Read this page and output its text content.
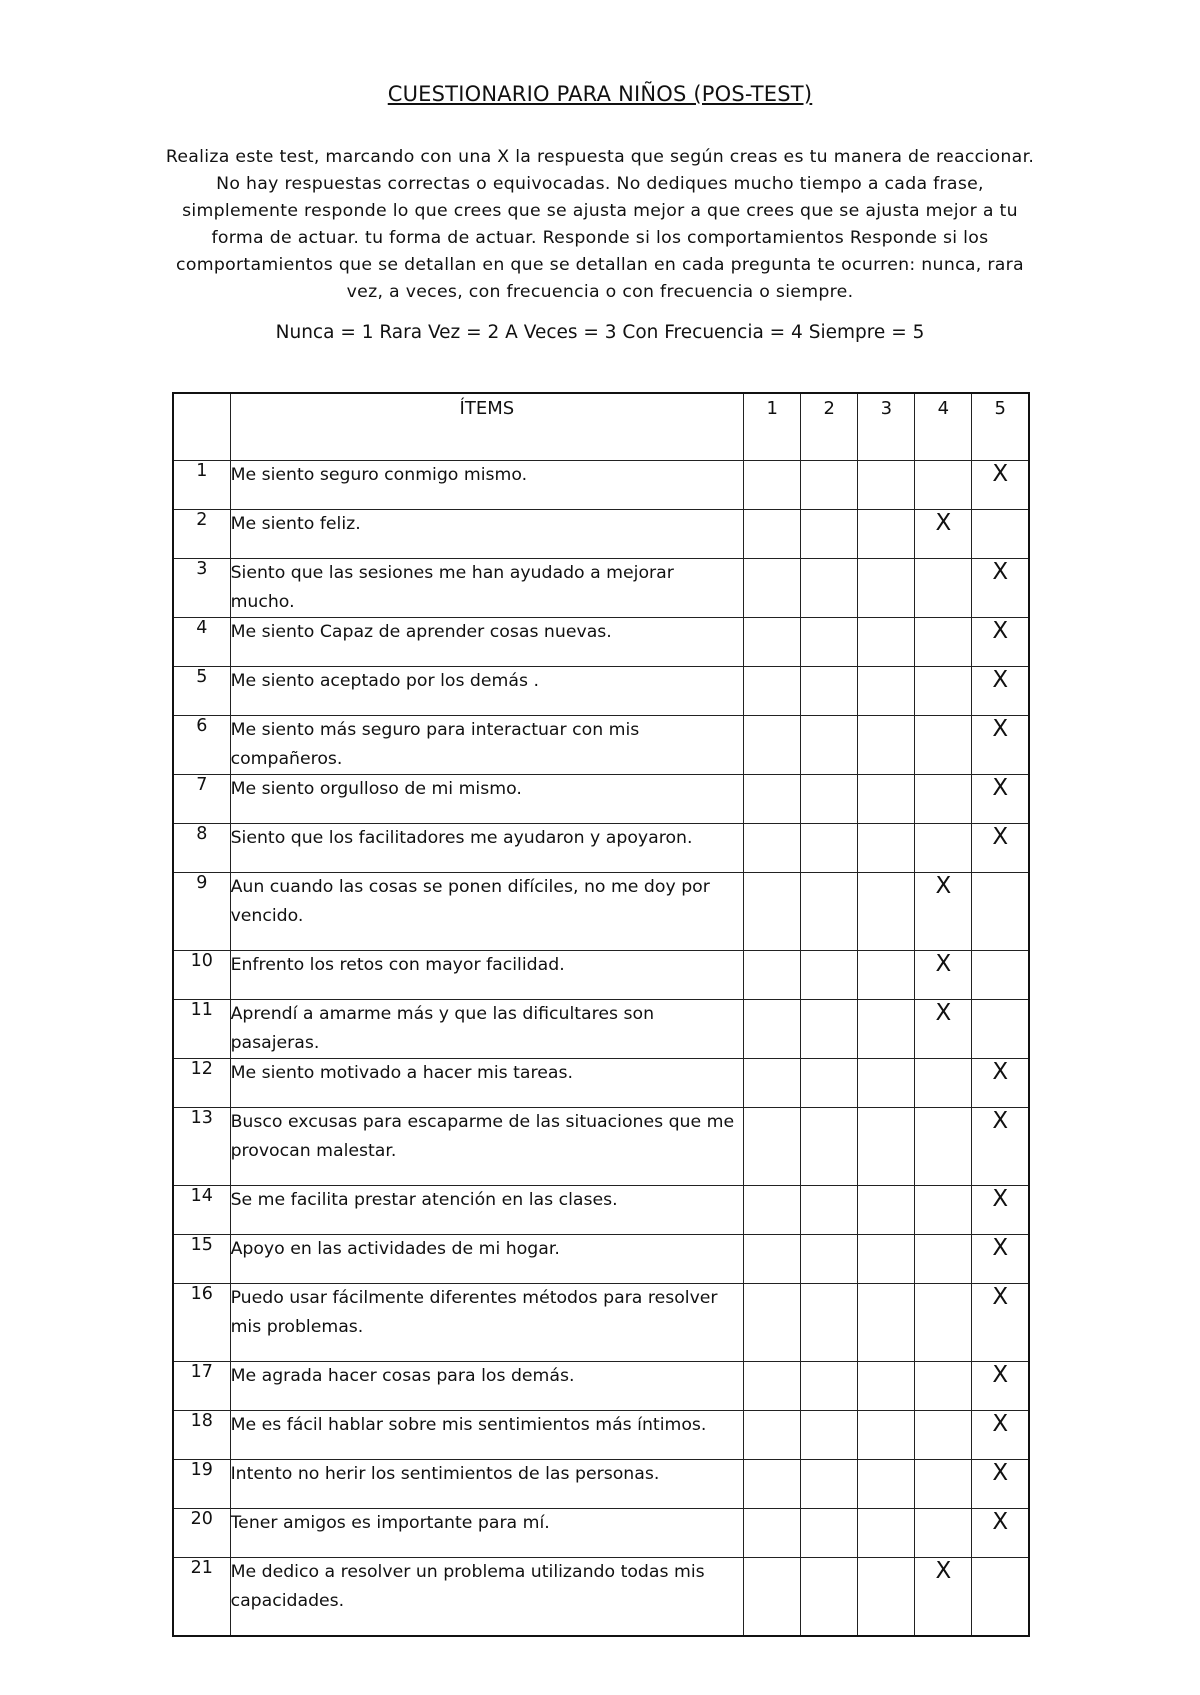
CUESTIONARIO PARA NIÑOS (POS-TEST)
Realiza este test, marcando con una X la respuesta que según creas es tu manera de reaccionar. No hay respuestas correctas o equivocadas. No dediques mucho tiempo a cada frase, simplemente responde lo que crees que se ajusta mejor a que crees que se ajusta mejor a tu forma de actuar. tu forma de actuar. Responde si los comportamientos Responde si los comportamientos que se detallan en que se detallan en cada pregunta te ocurren: nunca, rara vez, a veces, con frecuencia o con frecuencia o siempre.
Nunca = 1 Rara Vez = 2 A Veces = 3 Con Frecuencia = 4 Siempre = 5
	ÍTEMS	1	2	3	4	5
1	Me siento seguro conmigo mismo.					X
2	Me siento feliz.				X	
3	Siento que las sesiones me han ayudado a mejorar mucho.					X
4	Me siento Capaz de aprender cosas nuevas.					X
5	Me siento aceptado por los demás .					X
6	Me siento más seguro para interactuar con mis compañeros.					X
7	Me siento orgulloso de mi mismo.					X
8	Siento que los facilitadores me ayudaron y apoyaron.					X
9	Aun cuando las cosas se ponen difíciles, no me doy por vencido.				X	
10	Enfrento los retos con mayor facilidad.				X	
11	Aprendí a amarme más y que las dificultares son pasajeras.				X	
12	Me siento motivado a hacer mis tareas.					X
13	Busco excusas para escaparme de las situaciones que me provocan malestar.					X
14	Se me facilita prestar atención en las clases.					X
15	Apoyo en las actividades de mi hogar.					X
16	Puedo usar fácilmente diferentes métodos para resolver mis problemas.					X
17	Me agrada hacer cosas para los demás.					X
18	Me es fácil hablar sobre mis sentimientos más íntimos.					X
19	Intento no herir los sentimientos de las personas.					X
20	Tener amigos es importante para mí.					X
21	Me dedico a resolver un problema utilizando todas mis capacidades.				X	
